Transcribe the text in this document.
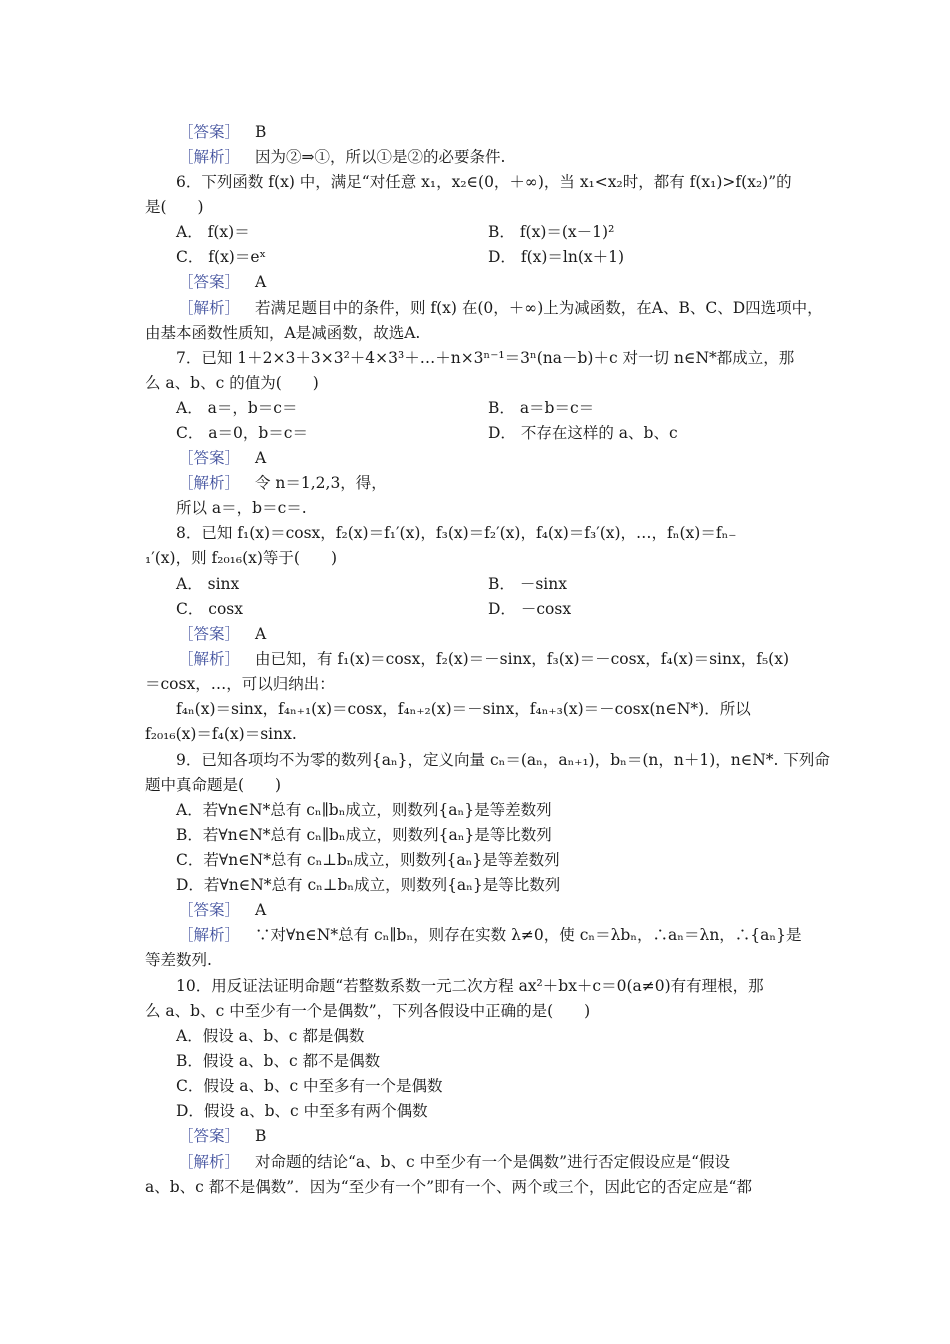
［答案］ B
［解析］ 因为②⇒①，所以①是②的必要条件.
6．下列函数 f(x) 中，满足“对任意 x₁，x₂∈(0，＋∞)，当 x₁<x₂时，都有 f(x₁)>f(x₂)”的
是(　　)
A． f(x)＝	B． f(x)＝(x－1)²
C． f(x)＝eˣ	D． f(x)＝ln(x＋1)
［答案］ A
［解析］ 若满足题目中的条件，则 f(x) 在(0，＋∞)上为减函数，在A、B、C、D四选项中，
由基本函数性质知，A是减函数，故选A.
7．已知 1＋2×3＋3×3²＋4×3³＋…＋n×3ⁿ⁻¹＝3ⁿ(na－b)＋c 对一切 n∈N*都成立，那
么 a、b、c 的值为(　　)
A． a＝，b＝c＝	B． a＝b＝c＝
C． a＝0，b＝c＝	D． 不存在这样的 a、b、c
［答案］ A
［解析］ 令 n＝1,2,3，得，
所以 a＝，b＝c＝.
8．已知 f₁(x)＝cosx，f₂(x)＝f₁′(x)，f₃(x)＝f₂′(x)，f₄(x)＝f₃′(x)，…，fₙ(x)＝fₙ₋
₁′(x)，则 f₂₀₁₆(x)等于(　　)
A． sinx	B． －sinx
C． cosx	D． －cosx
［答案］ A
［解析］ 由已知，有 f₁(x)＝cosx，f₂(x)＝－sinx，f₃(x)＝－cosx，f₄(x)＝sinx，f₅(x)
＝cosx，…，可以归纳出：
f₄ₙ(x)＝sinx，f₄ₙ₊₁(x)＝cosx，f₄ₙ₊₂(x)＝－sinx，f₄ₙ₊₃(x)＝－cosx(n∈N*)．所以
f₂₀₁₆(x)＝f₄(x)＝sinx.
9．已知各项均不为零的数列{aₙ}，定义向量 cₙ＝(aₙ，aₙ₊₁)，bₙ＝(n，n＋1)，n∈N*. 下列命
题中真命题是(　　)
A．若∀n∈N*总有 cₙ∥bₙ成立，则数列{aₙ}是等差数列
B．若∀n∈N*总有 cₙ∥bₙ成立，则数列{aₙ}是等比数列
C．若∀n∈N*总有 cₙ⊥bₙ成立，则数列{aₙ}是等差数列
D．若∀n∈N*总有 cₙ⊥bₙ成立，则数列{aₙ}是等比数列
［答案］ A
［解析］ ∵对∀n∈N*总有 cₙ∥bₙ，则存在实数 λ≠0，使 cₙ＝λbₙ，∴aₙ＝λn，∴{aₙ}是
等差数列.
10．用反证法证明命题“若整数系数一元二次方程 ax²＋bx＋c＝0(a≠0)有有理根，那
么 a、b、c 中至少有一个是偶数”，下列各假设中正确的是(　　)
A．假设 a、b、c 都是偶数
B．假设 a、b、c 都不是偶数
C．假设 a、b、c 中至多有一个是偶数
D．假设 a、b、c 中至多有两个偶数
［答案］ B
［解析］ 对命题的结论“a、b、c 中至少有一个是偶数”进行否定假设应是“假设
a、b、c 都不是偶数”．因为“至少有一个”即有一个、两个或三个，因此它的否定应是“都
